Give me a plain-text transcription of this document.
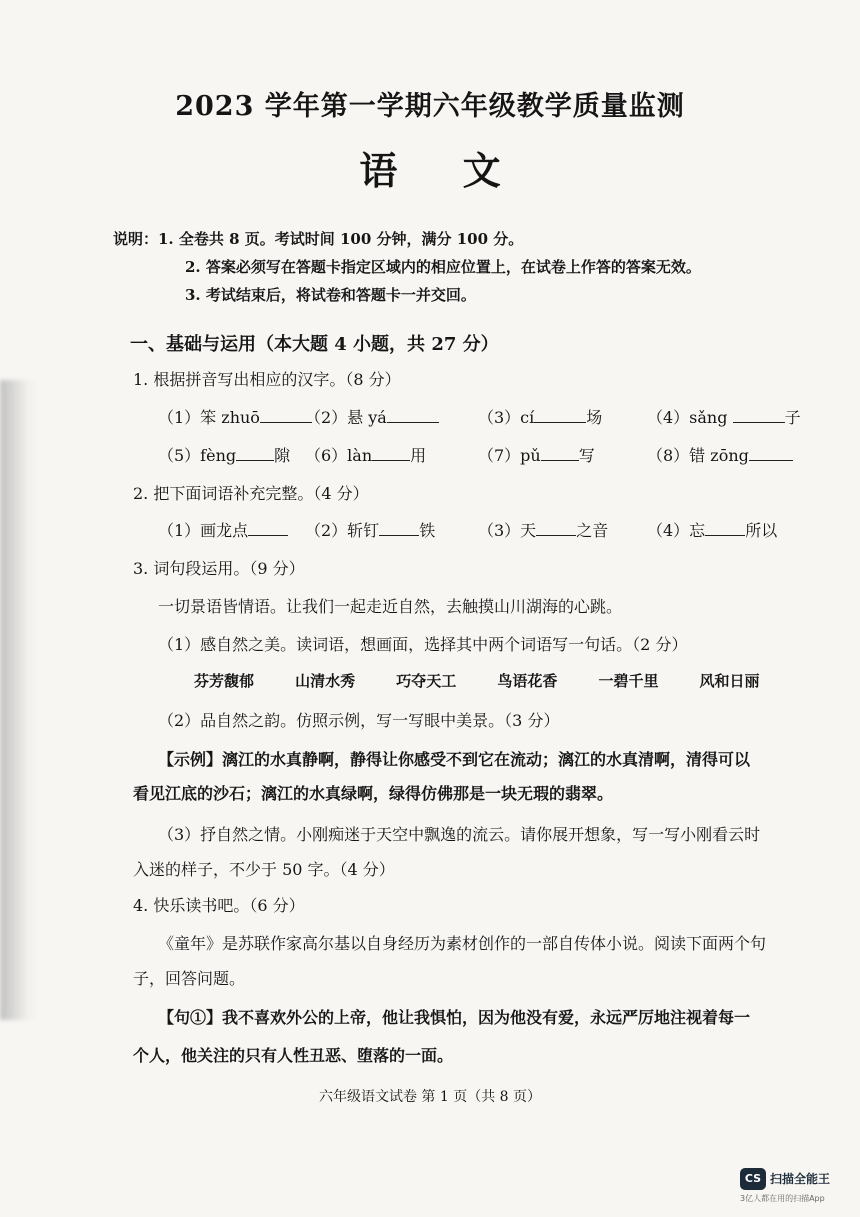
2023 学年第一学期六年级教学质量监测
语 文
说明：1. 全卷共 8 页。考试时间 100 分钟，满分 100 分。
2. 答案必须写在答题卡指定区域内的相应位置上，在试卷上作答的答案无效。
3. 考试结束后，将试卷和答题卡一并交回。
一、基础与运用（本大题 4 小题，共 27 分）
1. 根据拼音写出相应的汉字。（8 分）
（1）笨 zhuō	（2）悬 yá	（3）cí	场	（4）sǎng	子
（5）fèng 隙 （6）làn 用	（7）pǔ 写	（8）错 zōng
2. 把下面词语补充完整。（4 分）
（1）画龙点	（2）斩钉	铁	（3）天	之音 （4）忘	所以
3. 词句段运用。（9 分）
一切景语皆情语。让我们一起走近自然，去触摸山川湖海的心跳。
（1）感自然之美。读词语，想画面，选择其中两个词语写一句话。（2 分）
芬芳馥郁	山清水秀	巧夺天工	鸟语花香	一碧千里	风和日丽
（2）品自然之韵。仿照示例，写一写眼中美景。（3 分）
【示例】漓江的水真静啊，静得让你感受不到它在流动；漓江的水真清啊，清得可以
看见江底的沙石；漓江的水真绿啊，绿得仿佛那是一块无瑕的翡翠。
（3）抒自然之情。小刚痴迷于天空中飘逸的流云。请你展开想象，写一写小刚看云时
入迷的样子，不少于 50 字。（4 分）
4. 快乐读书吧。（6 分）
《童年》是苏联作家高尔基以自身经历为素材创作的一部自传体小说。阅读下面两个句
子，回答问题。
【句①】我不喜欢外公的上帝，他让我惧怕，因为他没有爱，永远严厉地注视着每一
个人，他关注的只有人性丑恶、堕落的一面。
六年级语文试卷 第 1 页（共 8 页）
CS 扫描全能王
3亿人都在用的扫描App
